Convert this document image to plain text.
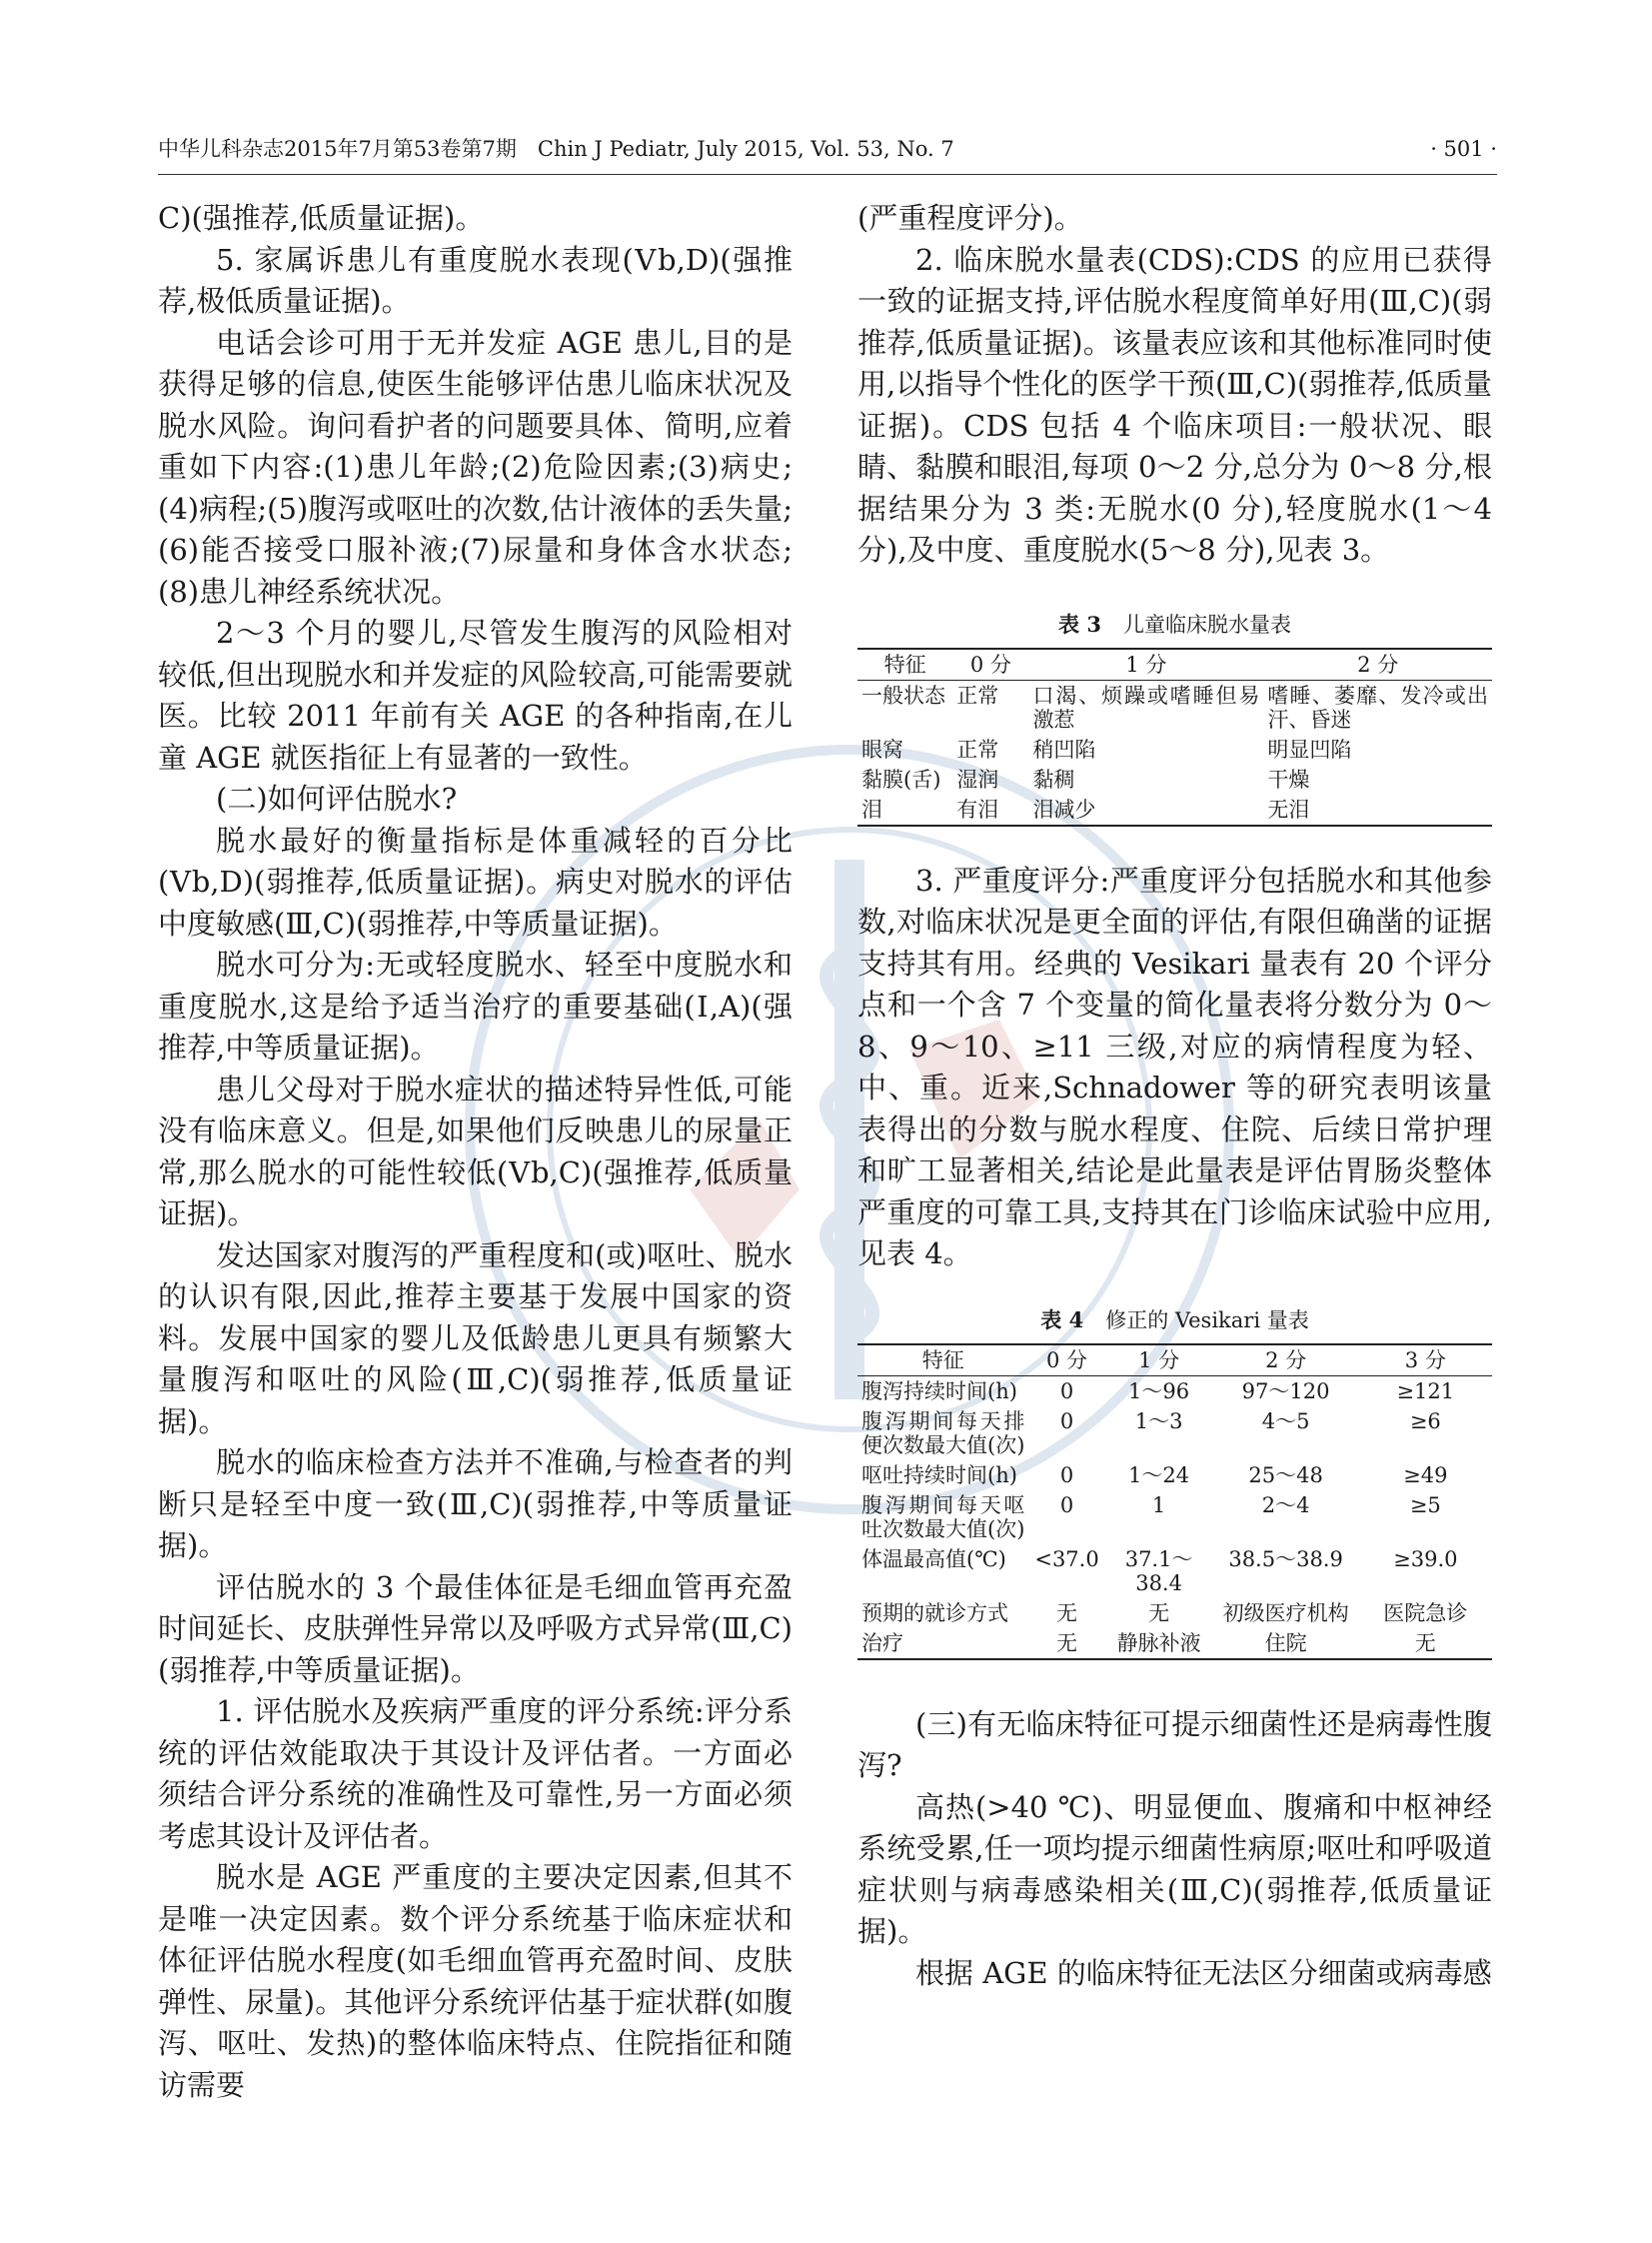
中华儿科杂志2015年7月第53卷第7期　Chin J Pediatr, July 2015, Vol. 53, No. 7	· 501 ·

C)(强推荐,低质量证据)。

5. 家属诉患儿有重度脱水表现(Ⅴb,D)(强推荐,极低质量证据)。

电话会诊可用于无并发症 AGE 患儿,目的是获得足够的信息,使医生能够评估患儿临床状况及脱水风险。询问看护者的问题要具体、简明,应着重如下内容:(1)患儿年龄;(2)危险因素;(3)病史;(4)病程;(5)腹泻或呕吐的次数,估计液体的丢失量;(6)能否接受口服补液;(7)尿量和身体含水状态;(8)患儿神经系统状况。

2～3 个月的婴儿,尽管发生腹泻的风险相对较低,但出现脱水和并发症的风险较高,可能需要就医。比较 2011 年前有关 AGE 的各种指南,在儿童 AGE 就医指征上有显著的一致性。

(二)如何评估脱水?

脱水最好的衡量指标是体重减轻的百分比(Ⅴb,D)(弱推荐,低质量证据)。病史对脱水的评估中度敏感(Ⅲ,C)(弱推荐,中等质量证据)。

脱水可分为:无或轻度脱水、轻至中度脱水和重度脱水,这是给予适当治疗的重要基础(Ⅰ,A)(强推荐,中等质量证据)。

患儿父母对于脱水症状的描述特异性低,可能没有临床意义。但是,如果他们反映患儿的尿量正常,那么脱水的可能性较低(Ⅴb,C)(强推荐,低质量证据)。

发达国家对腹泻的严重程度和(或)呕吐、脱水的认识有限,因此,推荐主要基于发展中国家的资料。发展中国家的婴儿及低龄患儿更具有频繁大量腹泻和呕吐的风险(Ⅲ,C)(弱推荐,低质量证据)。

脱水的临床检查方法并不准确,与检查者的判断只是轻至中度一致(Ⅲ,C)(弱推荐,中等质量证据)。

评估脱水的 3 个最佳体征是毛细血管再充盈时间延长、皮肤弹性异常以及呼吸方式异常(Ⅲ,C)(弱推荐,中等质量证据)。

1. 评估脱水及疾病严重度的评分系统:评分系统的评估效能取决于其设计及评估者。一方面必须结合评分系统的准确性及可靠性,另一方面必须考虑其设计及评估者。

脱水是 AGE 严重度的主要决定因素,但其不是唯一决定因素。数个评分系统基于临床症状和体征评估脱水程度(如毛细血管再充盈时间、皮肤弹性、尿量)。其他评分系统评估基于症状群(如腹泻、呕吐、发热)的整体临床特点、住院指征和随访需要

(严重程度评分)。

2. 临床脱水量表(CDS):CDS 的应用已获得一致的证据支持,评估脱水程度简单好用(Ⅲ,C)(弱推荐,低质量证据)。该量表应该和其他标准同时使用,以指导个性化的医学干预(Ⅲ,C)(弱推荐,低质量证据)。CDS 包括 4 个临床项目:一般状况、眼睛、黏膜和眼泪,每项 0～2 分,总分为 0～8 分,根据结果分为 3 类:无脱水(0 分),轻度脱水(1～4 分),及中度、重度脱水(5～8 分),见表 3。

表 3 儿童临床脱水量表
特征	0 分	1 分	2 分
一般状态	正常	口渴、烦躁或嗜睡但易激惹	嗜睡、萎靡、发冷或出汗、昏迷
眼窝	正常	稍凹陷	明显凹陷
黏膜(舌)	湿润	黏稠	干燥
泪	有泪	泪减少	无泪

3. 严重度评分:严重度评分包括脱水和其他参数,对临床状况是更全面的评估,有限但确凿的证据支持其有用。经典的 Vesikari 量表有 20 个评分点和一个含 7 个变量的简化量表将分数分为 0～8、9～10、≥11 三级,对应的病情程度为轻、中、重。近来,Schnadower 等的研究表明该量表得出的分数与脱水程度、住院、后续日常护理和旷工显著相关,结论是此量表是评估胃肠炎整体严重度的可靠工具,支持其在门诊临床试验中应用,见表 4。

表 4 修正的 Vesikari 量表
特征	0 分	1 分	2 分	3 分
腹泻持续时间(h)	0	1～96	97～120	≥121
腹泻期间每天排便次数最大值(次)	0	1～3	4～5	≥6
呕吐持续时间(h)	0	1～24	25～48	≥49
腹泻期间每天呕吐次数最大值(次)	0	1	2～4	≥5
体温最高值(℃)	<37.0	37.1～38.4	38.5～38.9	≥39.0
预期的就诊方式	无	无	初级医疗机构	医院急诊
治疗	无	静脉补液	住院	无

(三)有无临床特征可提示细菌性还是病毒性腹泻?

高热(>40 ℃)、明显便血、腹痛和中枢神经系统受累,任一项均提示细菌性病原;呕吐和呼吸道症状则与病毒感染相关(Ⅲ,C)(弱推荐,低质量证据)。

根据 AGE 的临床特征无法区分细菌或病毒感
